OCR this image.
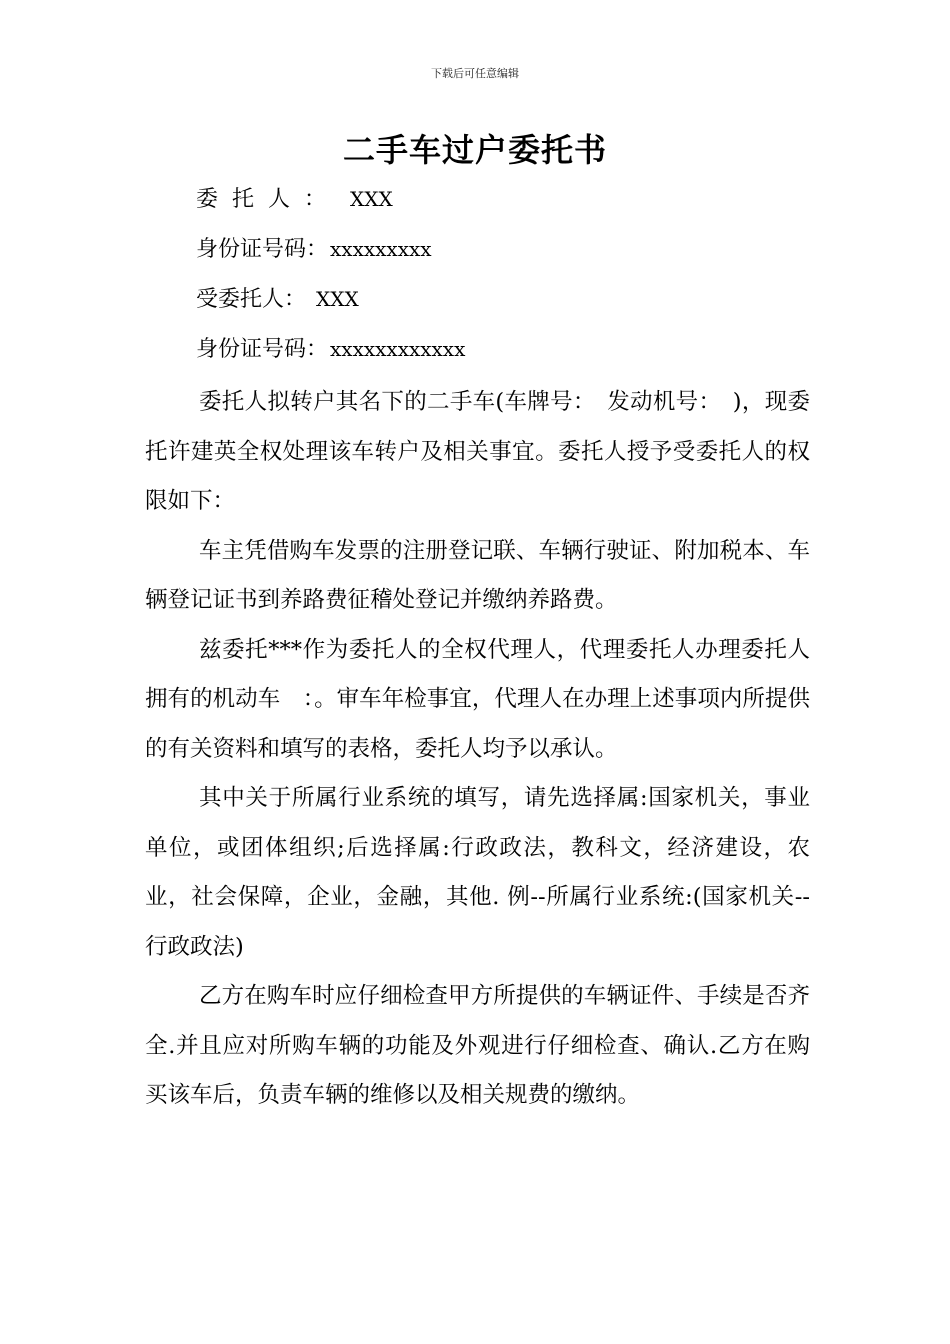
下载后可任意编辑
二手车过户委托书
委托人： XXX
身份证号码： xxxxxxxxx
受委托人： XXX
身份证号码： xxxxxxxxxxxx

委托人拟转户其名下的二手车(车牌号：　发动机号：　)，现委托许建英全权处理该车转户及相关事宜。委托人授予受委托人的权限如下：

车主凭借购车发票的注册登记联、车辆行驶证、附加税本、车辆登记证书到养路费征稽处登记并缴纳养路费。

兹委托***作为委托人的全权代理人，代理委托人办理委托人拥有的机动车　：。审车年检事宜，代理人在办理上述事项内所提供的有关资料和填写的表格，委托人均予以承认。

其中关于所属行业系统的填写，请先选择属:国家机关，事业单位，或团体组织;后选择属:行政政法，教科文，经济建设，农业，社会保障，企业，金融，其他. 例--所属行业系统:(国家机关--行政政法)

乙方在购车时应仔细检查甲方所提供的车辆证件、手续是否齐全.并且应对所购车辆的功能及外观进行仔细检查、确认.乙方在购买该车后，负责车辆的维修以及相关规费的缴纳。
